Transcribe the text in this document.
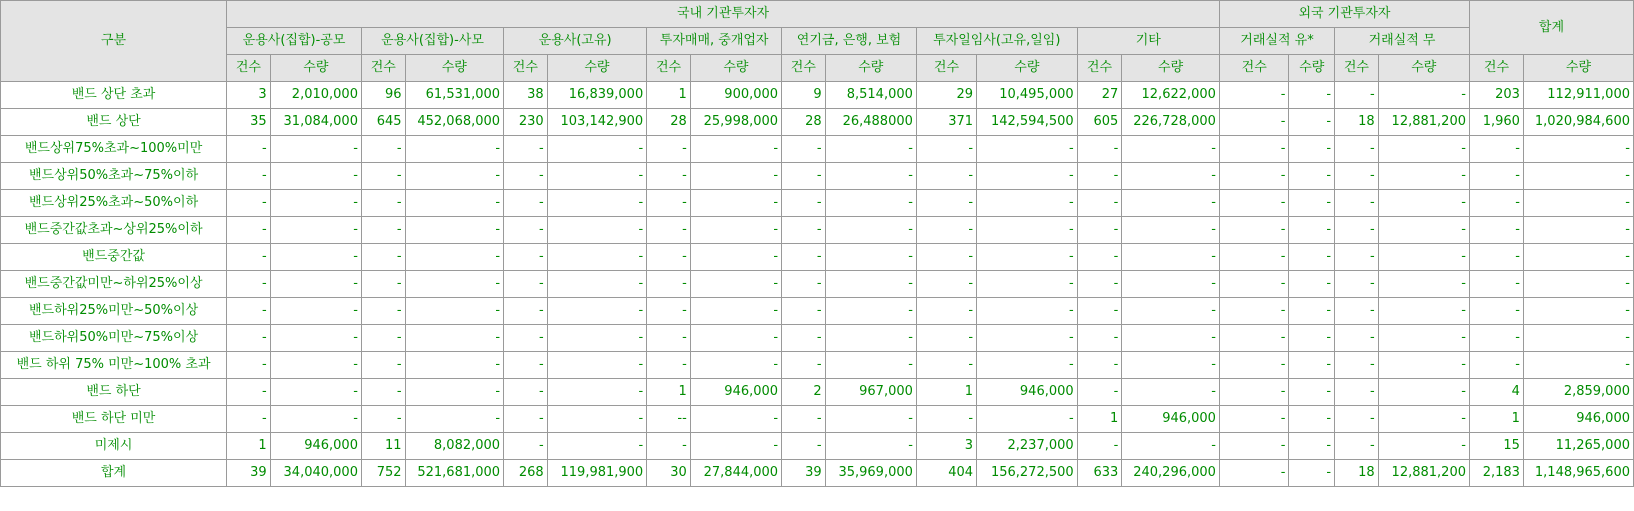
구분	국내 기관투자자														외국 기관투자자				합계	
	운용사(집합)-공모		운용사(집합)-사모		운용사(고유)		투자매매, 중개업자		연기금, 은행, 보험		투자일임사(고유,일임)		기타		거래실적 유*		거래실적 무			
	건수	수량	건수	수량	건수	수량	건수	수량	건수	수량	건수	수량	건수	수량	건수	수량	건수	수량	건수	수량
밴드 상단 초과	3	2,010,000	96	61,531,000	38	16,839,000	1	900,000	9	8,514,000	29	10,495,000	27	12,622,000	-	-	-	-	203	112,911,000
밴드 상단	35	31,084,000	645	452,068,000	230	103,142,900	28	25,998,000	28	26,488000	371	142,594,500	605	226,728,000	-	-	18	12,881,200	1,960	1,020,984,600
밴드상위75%초과~100%미만	-	-	-	-	-	-	-	-	-	-	-	-	-	-	-	-	-	-	-	-
밴드상위50%초과~75%이하	-	-	-	-	-	-	-	-	-	-	-	-	-	-	-	-	-	-	-	-
밴드상위25%초과~50%이하	-	-	-	-	-	-	-	-	-	-	-	-	-	-	-	-	-	-	-	-
밴드중간값초과~상위25%이하	-	-	-	-	-	-	-	-	-	-	-	-	-	-	-	-	-	-	-	-
밴드중간값	-	-	-	-	-	-	-	-	-	-	-	-	-	-	-	-	-	-	-	-
밴드중간값미만~하위25%이상	-	-	-	-	-	-	-	-	-	-	-	-	-	-	-	-	-	-	-	-
밴드하위25%미만~50%이상	-	-	-	-	-	-	-	-	-	-	-	-	-	-	-	-	-	-	-	-
밴드하위50%미만~75%이상	-	-	-	-	-	-	-	-	-	-	-	-	-	-	-	-	-	-	-	-
밴드 하위 75% 미만~100% 초과	-	-	-	-	-	-	-	-	-	-	-	-	-	-	-	-	-	-	-	-
밴드 하단	-	-	-	-	-	-	1	946,000	2	967,000	1	946,000	-	-	-	-	-	-	4	2,859,000
밴드 하단 미만	-	-	-	-	-	-	--	-	-	-	-	-	1	946,000	-	-	-	-	1	946,000
미제시	1	946,000	11	8,082,000	-	-	-	-	-	-	3	2,237,000	-	-	-	-	-	-	15	11,265,000
합계	39	34,040,000	752	521,681,000	268	119,981,900	30	27,844,000	39	35,969,000	404	156,272,500	633	240,296,000	-	-	18	12,881,200	2,183	1,148,965,600
